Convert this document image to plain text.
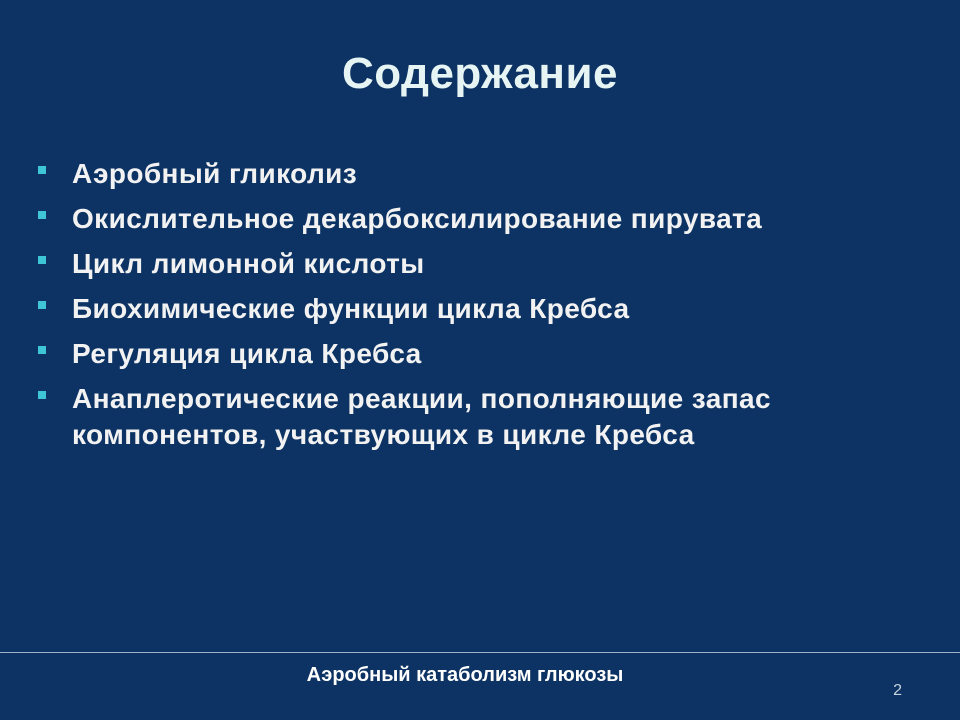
Содержание
Аэробный гликолиз
Окислительное декарбоксилирование пирувата
Цикл лимонной кислоты
Биохимические функции цикла Кребса
Регуляция цикла Кребса
Анаплеротические реакции, пополняющие запас компонентов, участвующих в цикле Кребса
Аэробный катаболизм глюкозы
2
